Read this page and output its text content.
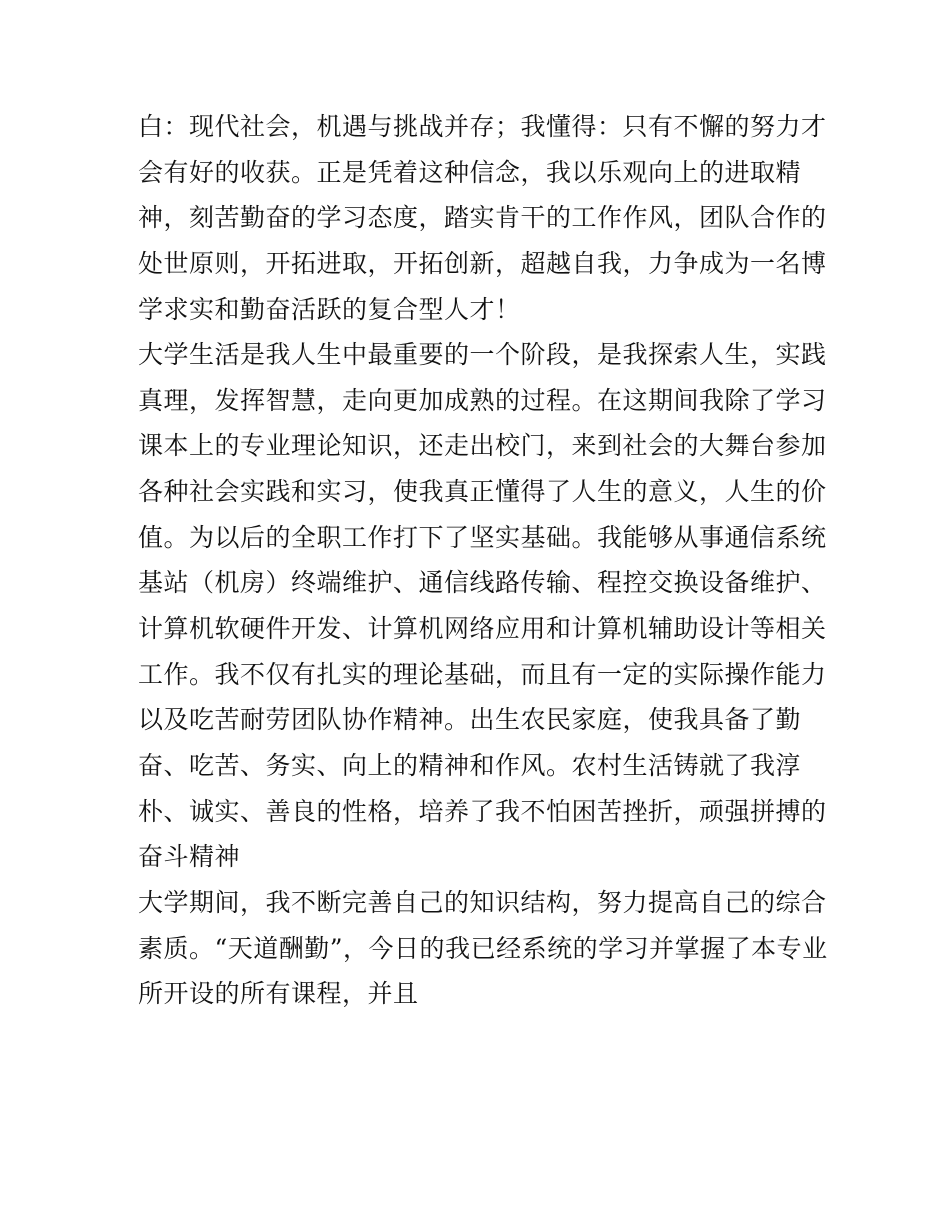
白：现代社会，机遇与挑战并存；我懂得：只有不懈的努力才
会有好的收获。正是凭着这种信念，我以乐观向上的进取精
神，刻苦勤奋的学习态度，踏实肯干的工作作风，团队合作的
处世原则，开拓进取，开拓创新，超越自我，力争成为一名博
学求实和勤奋活跃的复合型人才！
大学生活是我人生中最重要的一个阶段，是我探索人生，实践
真理，发挥智慧，走向更加成熟的过程。在这期间我除了学习
课本上的专业理论知识，还走出校门，来到社会的大舞台参加
各种社会实践和实习，使我真正懂得了人生的意义，人生的价
值。为以后的全职工作打下了坚实基础。我能够从事通信系统
基站（机房）终端维护、通信线路传输、程控交换设备维护、
计算机软硬件开发、计算机网络应用和计算机辅助设计等相关
工作。我不仅有扎实的理论基础，而且有一定的实际操作能力
以及吃苦耐劳团队协作精神。出生农民家庭，使我具备了勤
奋、吃苦、务实、向上的精神和作风。农村生活铸就了我淳
朴、诚实、善良的性格，培养了我不怕困苦挫折，顽强拼搏的
奋斗精神
大学期间，我不断完善自己的知识结构，努力提高自己的综合
素质。“天道酬勤”，今日的我已经系统的学习并掌握了本专业
所开设的所有课程，并且
